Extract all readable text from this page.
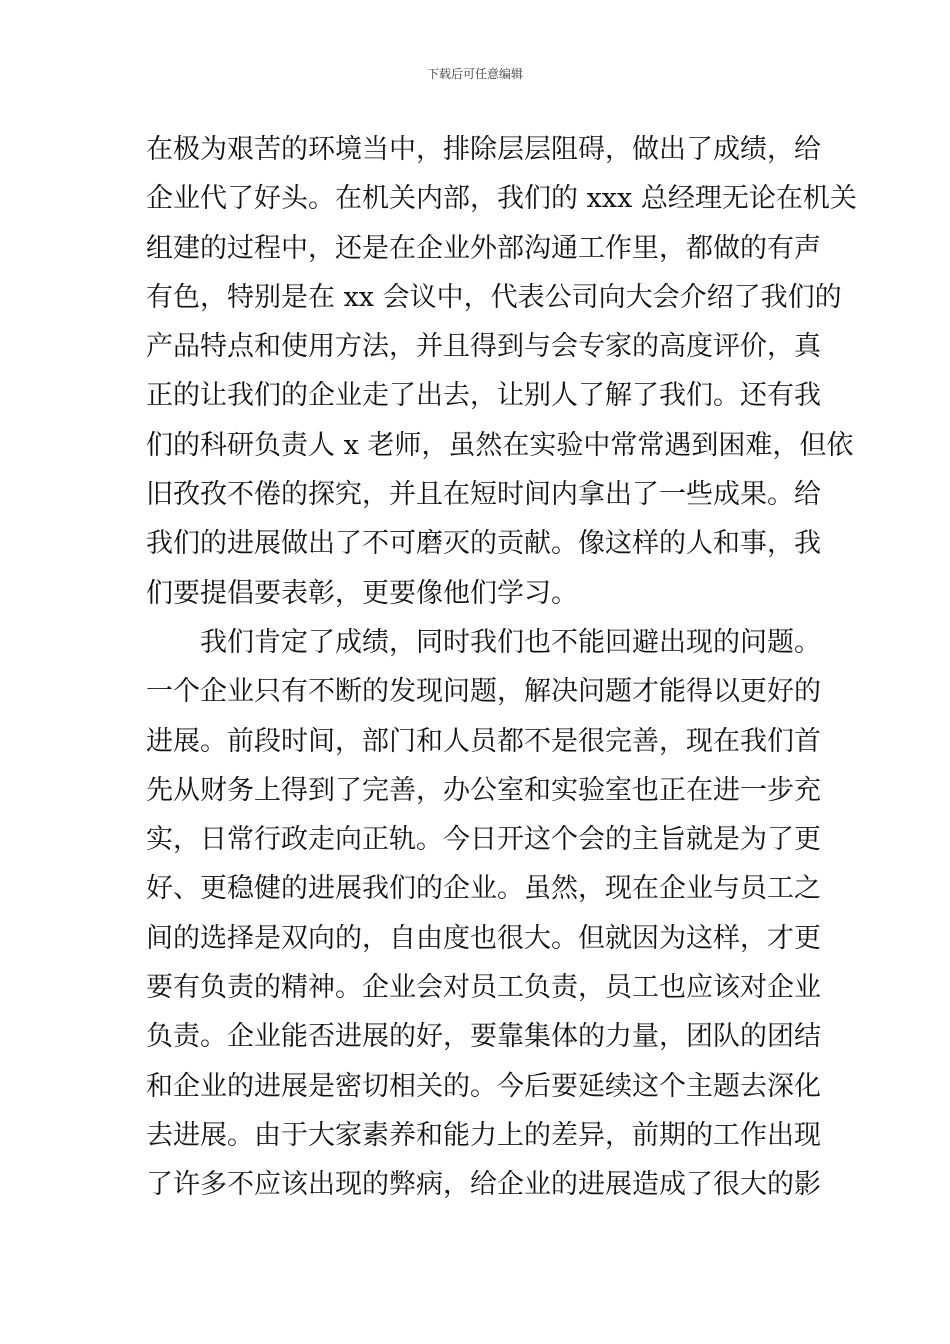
下载后可任意编辑
在极为艰苦的环境当中，排除层层阻碍，做出了成绩，给
企业代了好头。在机关内部，我们的 xxx 总经理无论在机关
组建的过程中，还是在企业外部沟通工作里，都做的有声
有色，特别是在 xx 会议中，代表公司向大会介绍了我们的
产品特点和使用方法，并且得到与会专家的高度评价，真
正的让我们的企业走了出去，让别人了解了我们。还有我
们的科研负责人 x 老师，虽然在实验中常常遇到困难，但依
旧孜孜不倦的探究，并且在短时间内拿出了一些成果。给
我们的进展做出了不可磨灭的贡献。像这样的人和事，我
们要提倡要表彰，更要像他们学习。
我们肯定了成绩，同时我们也不能回避出现的问题。
一个企业只有不断的发现问题，解决问题才能得以更好的
进展。前段时间，部门和人员都不是很完善，现在我们首
先从财务上得到了完善，办公室和实验室也正在进一步充
实，日常行政走向正轨。今日开这个会的主旨就是为了更
好、更稳健的进展我们的企业。虽然，现在企业与员工之
间的选择是双向的，自由度也很大。但就因为这样，才更
要有负责的精神。企业会对员工负责，员工也应该对企业
负责。企业能否进展的好，要靠集体的力量，团队的团结
和企业的进展是密切相关的。今后要延续这个主题去深化
去进展。由于大家素养和能力上的差异，前期的工作出现
了许多不应该出现的弊病，给企业的进展造成了很大的影
